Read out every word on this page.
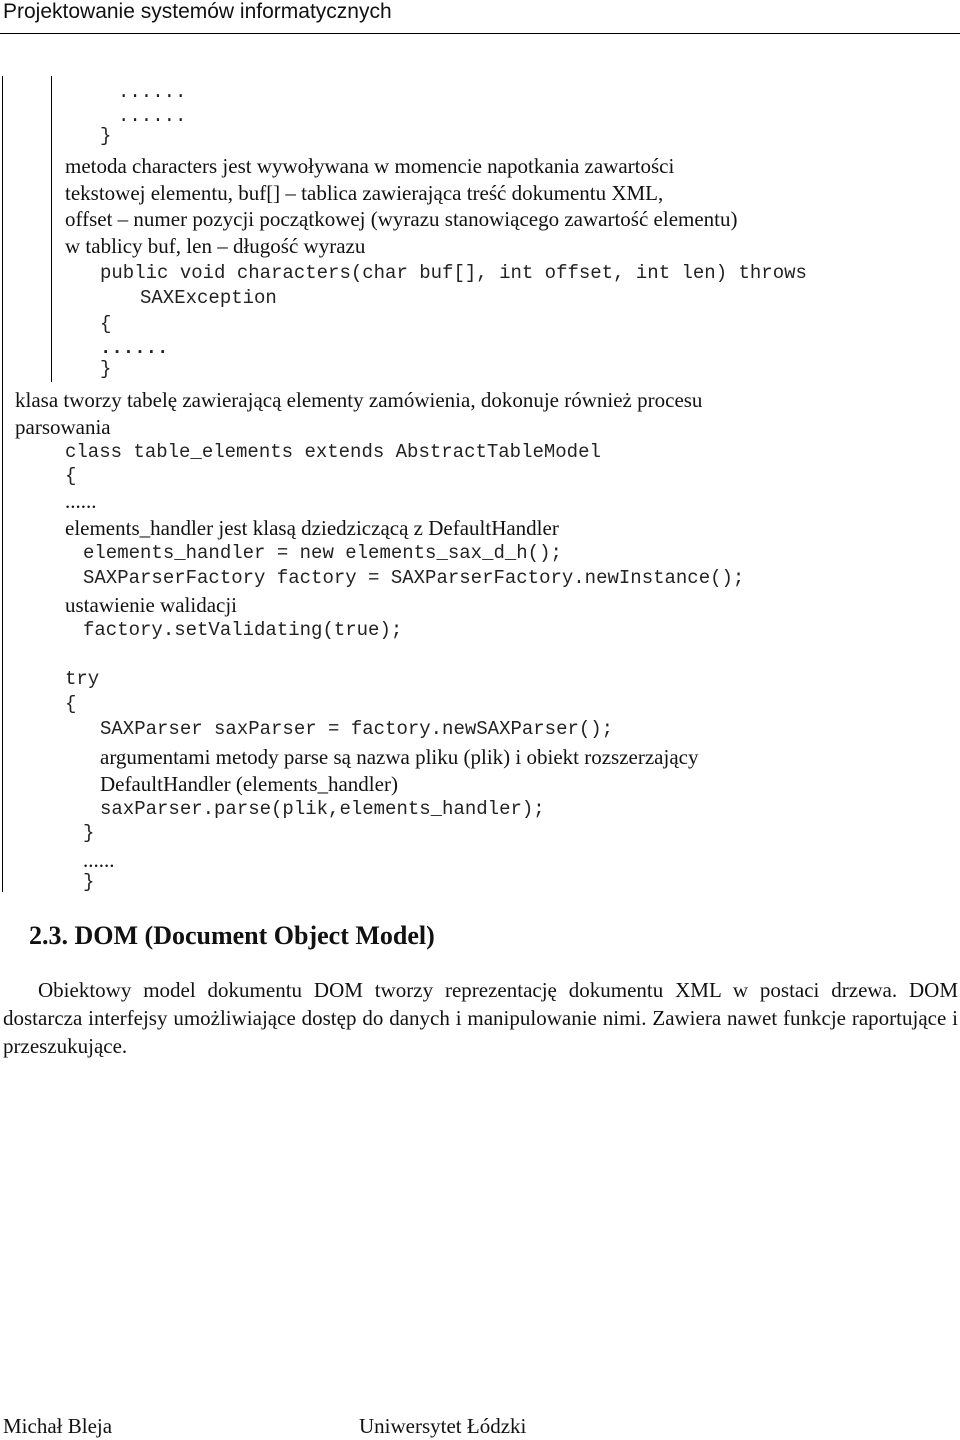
Projektowanie systemów informatycznych
......
......
}
metoda characters jest wywoływana w momencie napotkania zawartości
tekstowej elementu, buf[] – tablica zawierająca treść dokumentu XML,
offset – numer pozycji początkowej (wyrazu stanowiącego zawartość elementu)
w tablicy buf, len – długość wyrazu
public void characters(char buf[], int offset, int len) throws
SAXException
{
......
}
klasa tworzy tabelę zawierającą elementy zamówienia, dokonuje również procesu
parsowania
class table_elements extends AbstractTableModel
{
......
elements_handler jest klasą dziedziczącą z DefaultHandler
elements_handler = new elements_sax_d_h();
SAXParserFactory factory = SAXParserFactory.newInstance();
ustawienie walidacji
factory.setValidating(true);
try
{
SAXParser saxParser = factory.newSAXParser();
argumentami metody parse są nazwa pliku (plik) i obiekt rozszerzający
DefaultHandler (elements_handler)
saxParser.parse(plik,elements_handler);
}
......
}
2.3. DOM (Document Object Model)
Obiektowy model dokumentu DOM tworzy reprezentację dokumentu XML w postaci drzewa. DOM dostarcza interfejsy umożliwiające dostęp do danych i manipulowanie nimi. Zawiera nawet funkcje raportujące i przeszukujące.
Michał Bleja	Uniwersytet Łódzki
